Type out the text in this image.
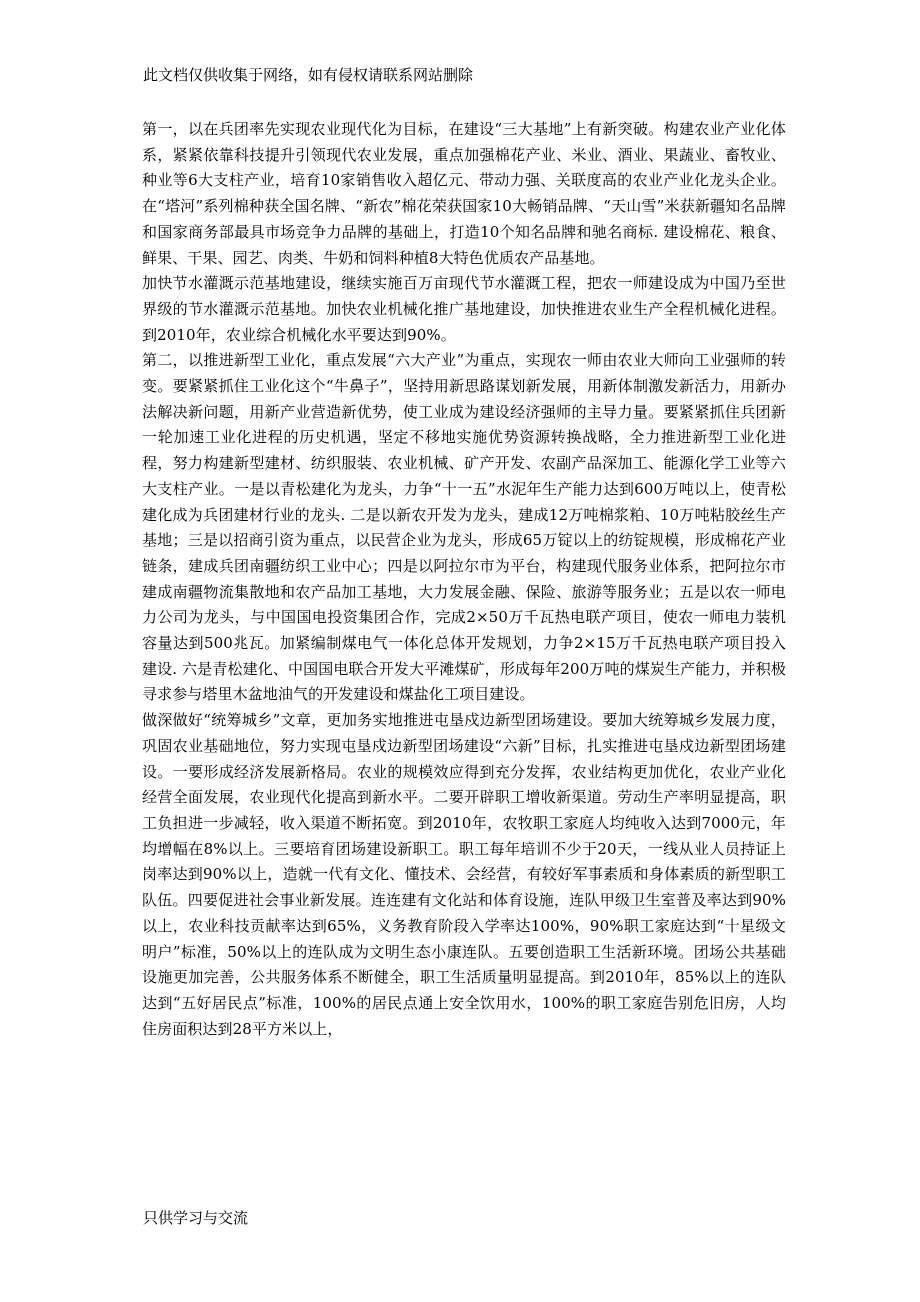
此文档仅供收集于网络，如有侵权请联系网站删除

第一，以在兵团率先实现农业现代化为目标，在建设“三大基地”上有新突破。构建农业产业化体系，紧紧依靠科技提升引领现代农业发展，重点加强棉花产业、米业、酒业、果蔬业、畜牧业、种业等6大支柱产业，培育10家销售收入超亿元、带动力强、关联度高的农业产业化龙头企业。在“塔河”系列棉种获全国名牌、“新农”棉花荣获国家10大畅销品牌、“天山雪”米获新疆知名品牌和国家商务部最具市场竞争力品牌的基础上，打造10个知名品牌和驰名商标. 建设棉花、粮食、鲜果、干果、园艺、肉类、牛奶和饲料种植8大特色优质农产品基地。

加快节水灌溉示范基地建设，继续实施百万亩现代节水灌溉工程，把农一师建设成为中国乃至世界级的节水灌溉示范基地。加快农业机械化推广基地建设，加快推进农业生产全程机械化进程。到2010年，农业综合机械化水平要达到90%。

第二，以推进新型工业化，重点发展“六大产业”为重点，实现农一师由农业大师向工业强师的转变。要紧紧抓住工业化这个“牛鼻子”，坚持用新思路谋划新发展，用新体制激发新活力，用新办法解决新问题，用新产业营造新优势，使工业成为建设经济强师的主导力量。要紧紧抓住兵团新一轮加速工业化进程的历史机遇，坚定不移地实施优势资源转换战略，全力推进新型工业化进程，努力构建新型建材、纺织服装、农业机械、矿产开发、农副产品深加工、能源化学工业等六大支柱产业。一是以青松建化为龙头，力争“十一五”水泥年生产能力达到600万吨以上，使青松建化成为兵团建材行业的龙头. 二是以新农开发为龙头，建成12万吨棉浆粕、10万吨粘胶丝生产基地；三是以招商引资为重点，以民营企业为龙头，形成65万锭以上的纺锭规模，形成棉花产业链条，建成兵团南疆纺织工业中心；四是以阿拉尔市为平台，构建现代服务业体系，把阿拉尔市建成南疆物流集散地和农产品加工基地，大力发展金融、保险、旅游等服务业；五是以农一师电力公司为龙头，与中国国电投资集团合作，完成2×50万千瓦热电联产项目，使农一师电力装机容量达到500兆瓦。加紧编制煤电气一体化总体开发规划，力争2×15万千瓦热电联产项目投入建设. 六是青松建化、中国国电联合开发大平滩煤矿，形成每年200万吨的煤炭生产能力，并积极寻求参与塔里木盆地油气的开发建设和煤盐化工项目建设。

做深做好“统筹城乡”文章，更加务实地推进屯垦戍边新型团场建设。要加大统筹城乡发展力度，巩固农业基础地位，努力实现屯垦戍边新型团场建设“六新”目标，扎实推进屯垦戍边新型团场建设。一要形成经济发展新格局。农业的规模效应得到充分发挥，农业结构更加优化，农业产业化经营全面发展，农业现代化提高到新水平。二要开辟职工增收新渠道。劳动生产率明显提高，职工负担进一步减轻，收入渠道不断拓宽。到2010年，农牧职工家庭人均纯收入达到7000元，年均增幅在8%以上。三要培育团场建设新职工。职工每年培训不少于20天，一线从业人员持证上岗率达到90%以上，造就一代有文化、懂技术、会经营，有较好军事素质和身体素质的新型职工队伍。四要促进社会事业新发展。连连建有文化站和体育设施，连队甲级卫生室普及率达到90%以上，农业科技贡献率达到65%，义务教育阶段入学率达100%，90%职工家庭达到“十星级文明户”标准，50%以上的连队成为文明生态小康连队。五要创造职工生活新环境。团场公共基础设施更加完善，公共服务体系不断健全，职工生活质量明显提高。到2010年，85%以上的连队达到“五好居民点”标准，100%的居民点通上安全饮用水，100%的职工家庭告别危旧房，人均住房面积达到28平方米以上，

只供学习与交流
